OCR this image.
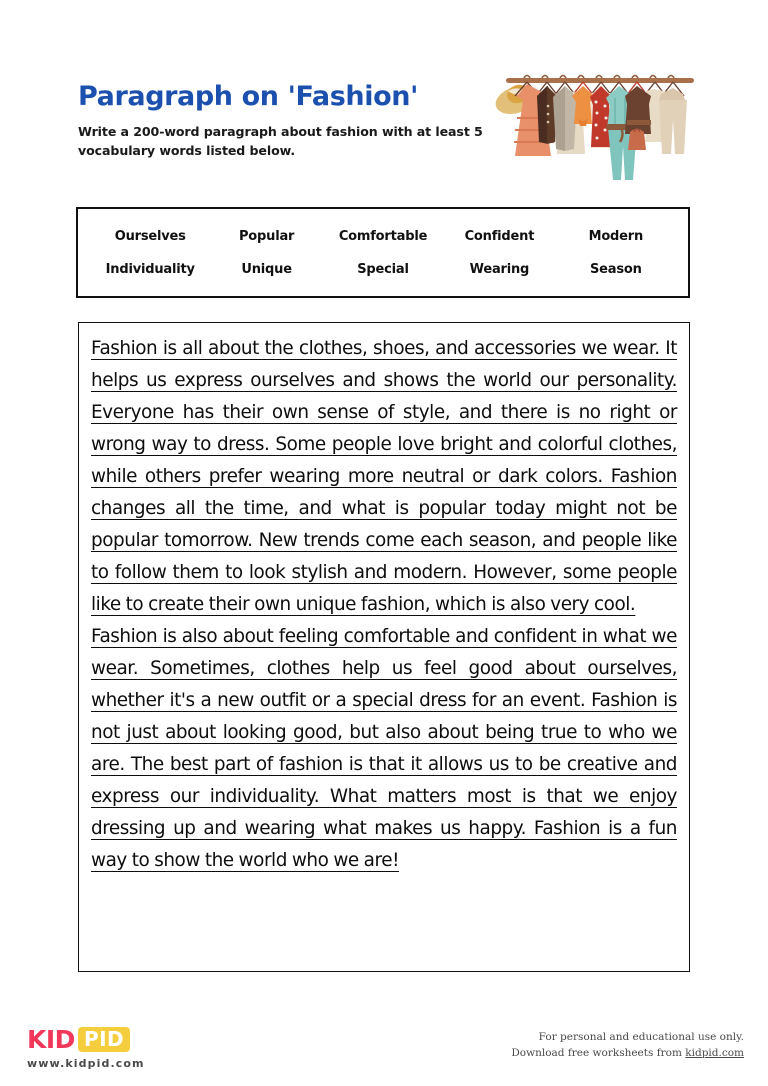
Paragraph on 'Fashion'
Write a 200-word paragraph about fashion with at least 5 vocabulary words listed below.
Ourselves	Popular	Comfortable	Confident	Modern
Individuality	Unique	Special	Wearing	Season

Fashion is all about the clothes, shoes, and accessories we wear. It helps us express ourselves and shows the world our personality. Everyone has their own sense of style, and there is no right or wrong way to dress. Some people love bright and colorful clothes, while others prefer wearing more neutral or dark colors. Fashion changes all the time, and what is popular today might not be popular tomorrow. New trends come each season, and people like to follow them to look stylish and modern. However, some people like to create their own unique fashion, which is also very cool.

Fashion is also about feeling comfortable and confident in what we wear. Sometimes, clothes help us feel good about ourselves, whether it's a new outfit or a special dress for an event. Fashion is not just about looking good, but also about being true to who we are. The best part of fashion is that it allows us to be creative and express our individuality. What matters most is that we enjoy dressing up and wearing what makes us happy. Fashion is a fun way to show the world who we are!

KID PID
www.kidpid.com
For personal and educational use only.
Download free worksheets from kidpid.com
